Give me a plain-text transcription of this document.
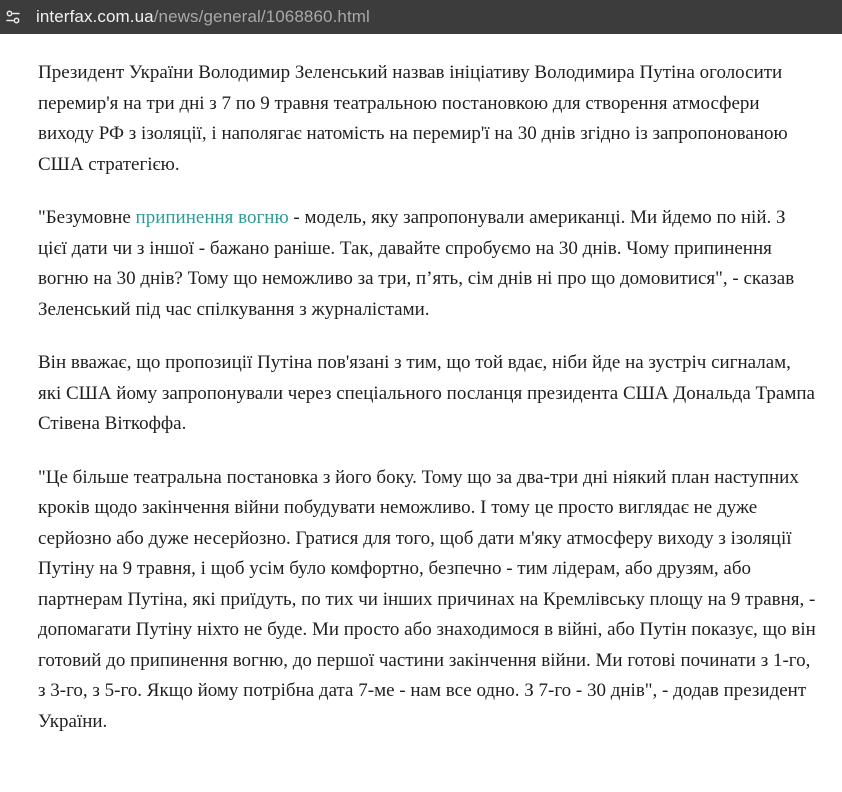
interfax.com.ua/news/general/1068860.html

Президент України Володимир Зеленський назвав ініціативу Володимира Путіна оголосити перемир'я на три дні з 7 по 9 травня театральною постановкою для створення атмосфери виходу РФ з ізоляції, і наполягає натомість на перемир'ї на 30 днів згідно із запропонованою США стратегією.

"Безумовне припинення вогню - модель, яку запропонували американці. Ми йдемо по ній. З цієї дати чи з іншої - бажано раніше. Так, давайте спробуємо на 30 днів. Чому припинення вогню на 30 днів? Тому що неможливо за три, п’ять, сім днів ні про що домовитися", - сказав Зеленський під час спілкування з журналістами.

Він вважає, що пропозиції Путіна пов'язані з тим, що той вдає, ніби йде на зустріч сигналам, які США йому запропонували через спеціального посланця президента США Дональда Трампа Стівена Віткоффа.

"Це більше театральна постановка з його боку. Тому що за два-три дні ніякий план наступних кроків щодо закінчення війни побудувати неможливо. І тому це просто виглядає не дуже серйозно або дуже несерйозно. Гратися для того, щоб дати м'яку атмосферу виходу з ізоляції Путіну на 9 травня, і щоб усім було комфортно, безпечно - тим лідерам, або друзям, або партнерам Путіна, які приїдуть, по тих чи інших причинах на Кремлівську площу на 9 травня, - допомагати Путіну ніхто не буде. Ми просто або знаходимося в війні, або Путін показує, що він готовий до припинення вогню, до першої частини закінчення війни. Ми готові починати з 1-го, з 3-го, з 5-го. Якщо йому потрібна дата 7-ме - нам все одно. З 7-го - 30 днів", - додав президент України.
